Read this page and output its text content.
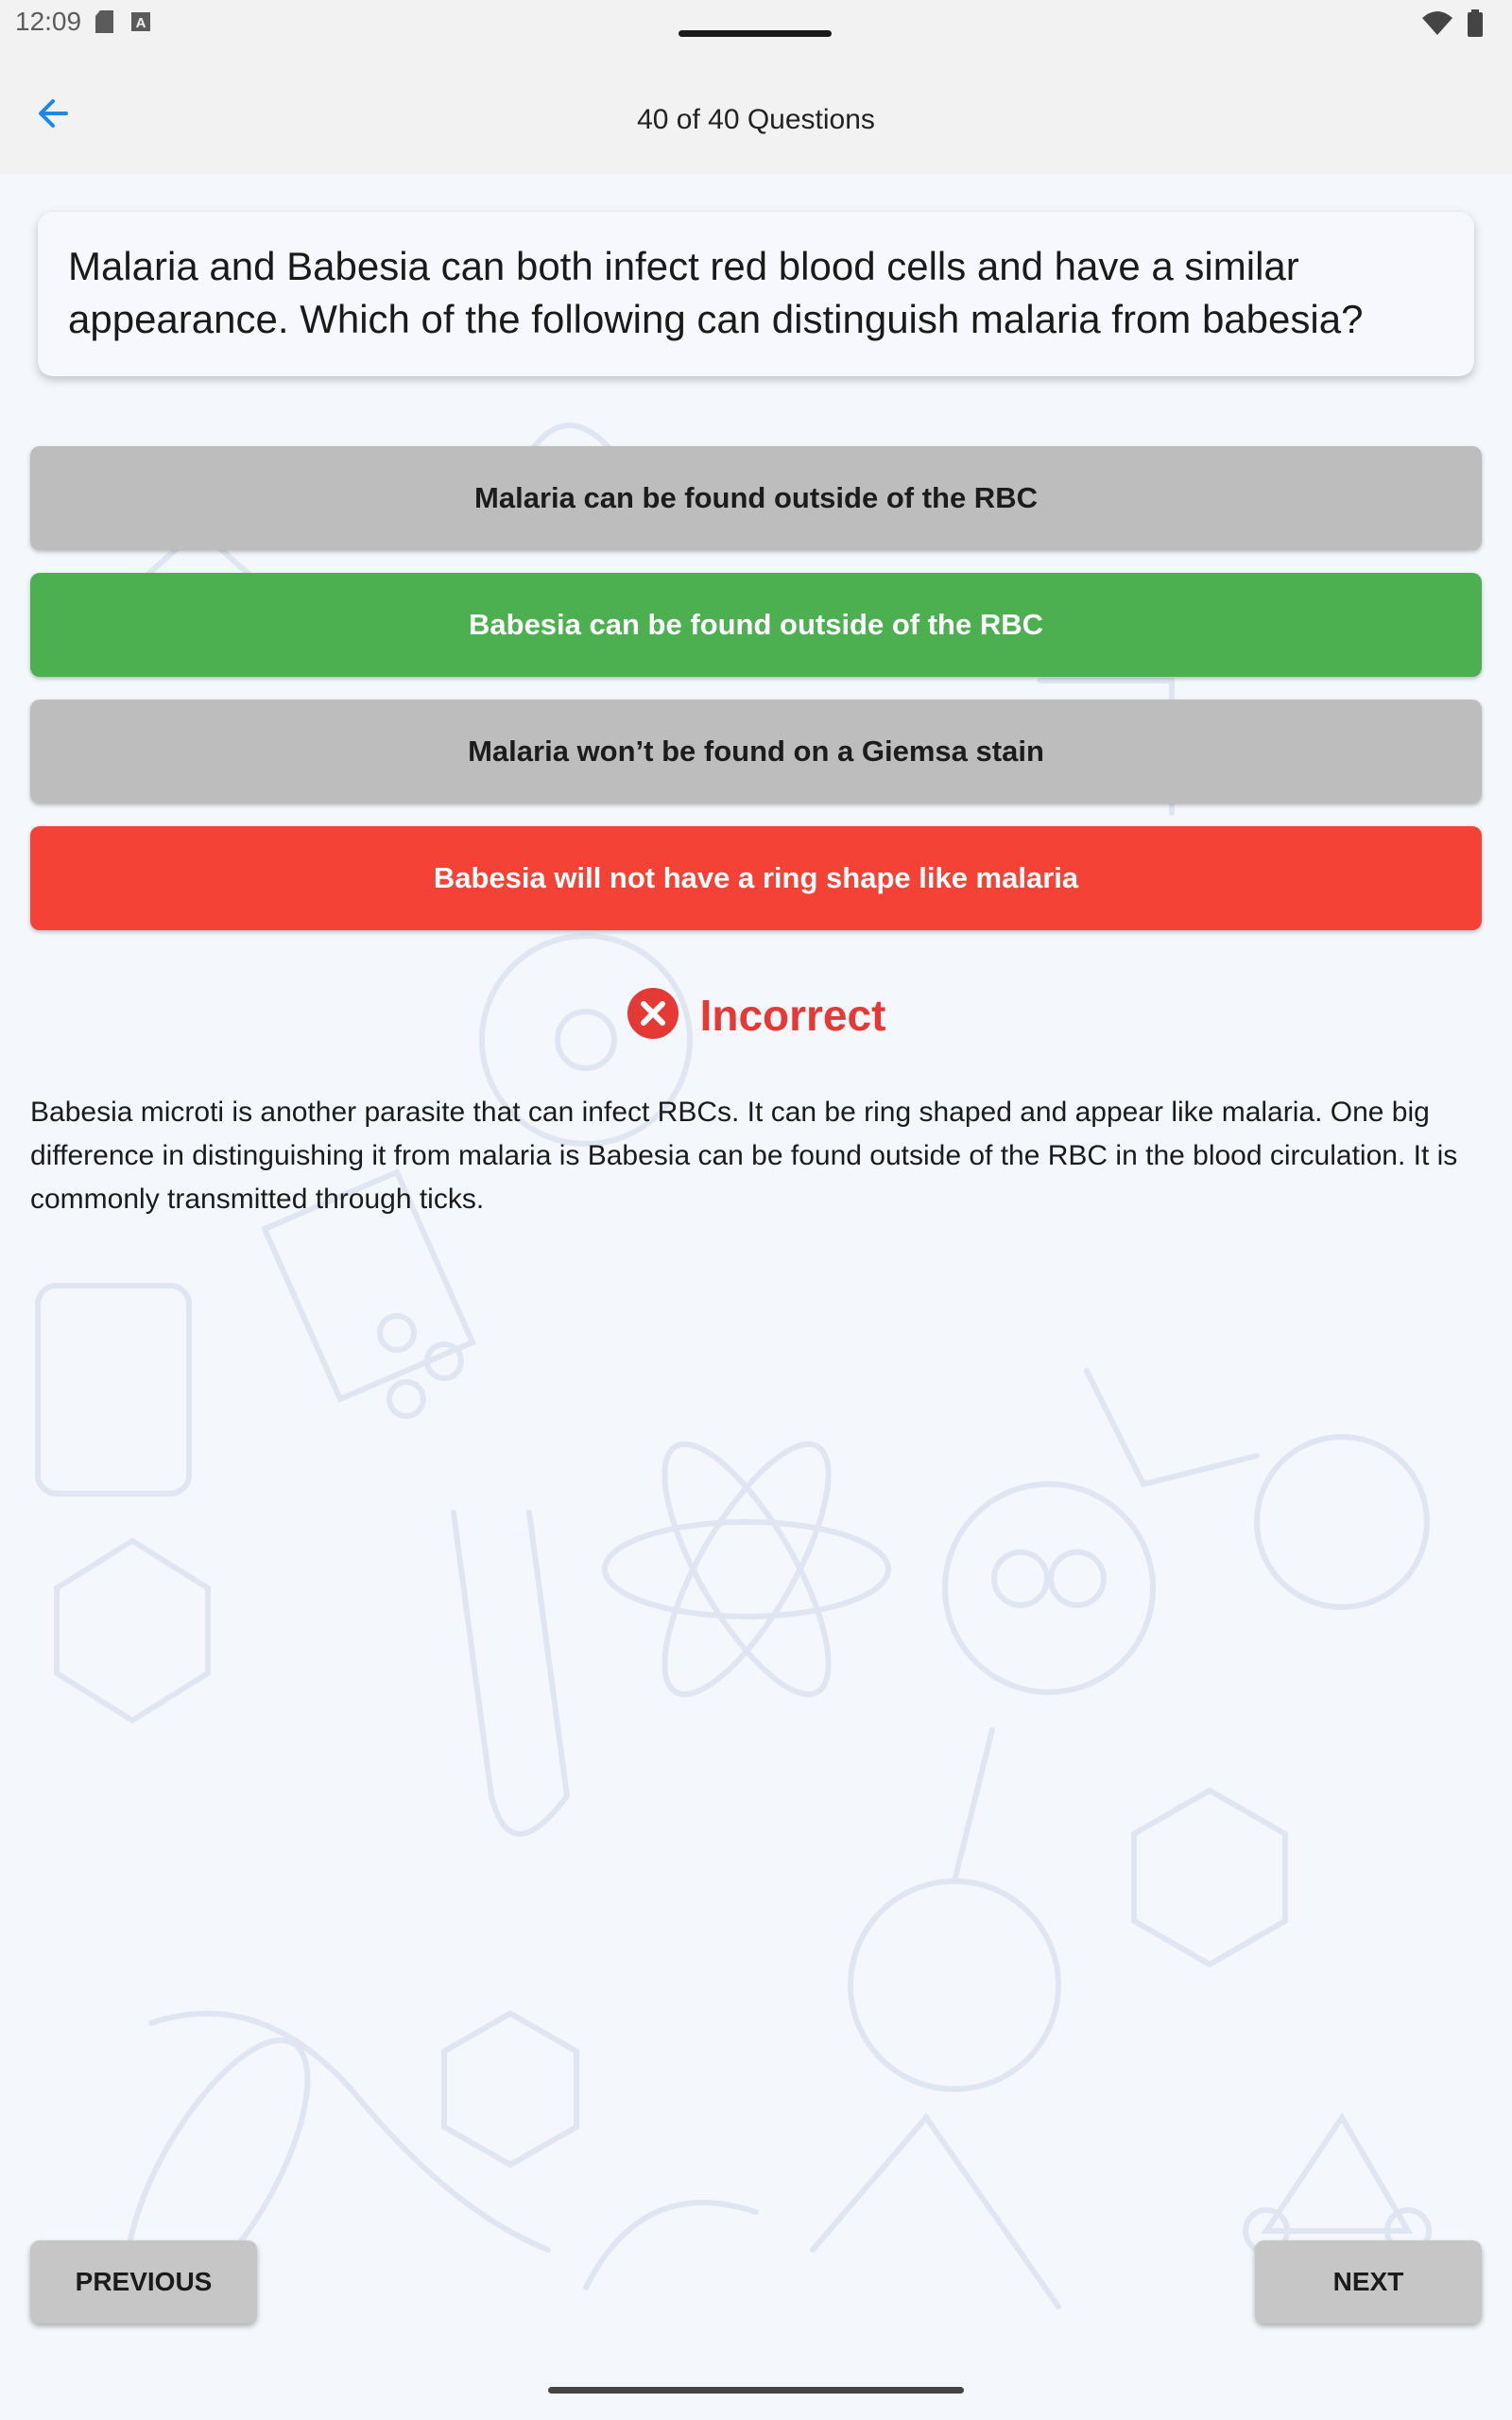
12:09	A
40 of 40 Questions
Malaria and Babesia can both infect red blood cells and have a similar appearance. Which of the following can distinguish malaria from babesia?
Malaria can be found outside of the RBC
Babesia can be found outside of the RBC
Malaria won’t be found on a Giemsa stain
Babesia will not have a ring shape like malaria
Incorrect
Babesia microti is another parasite that can infect RBCs. It can be ring shaped and appear like malaria. One big difference in distinguishing it from malaria is Babesia can be found outside of the RBC in the blood circulation. It is commonly transmitted through ticks.
PREVIOUS	NEXT
